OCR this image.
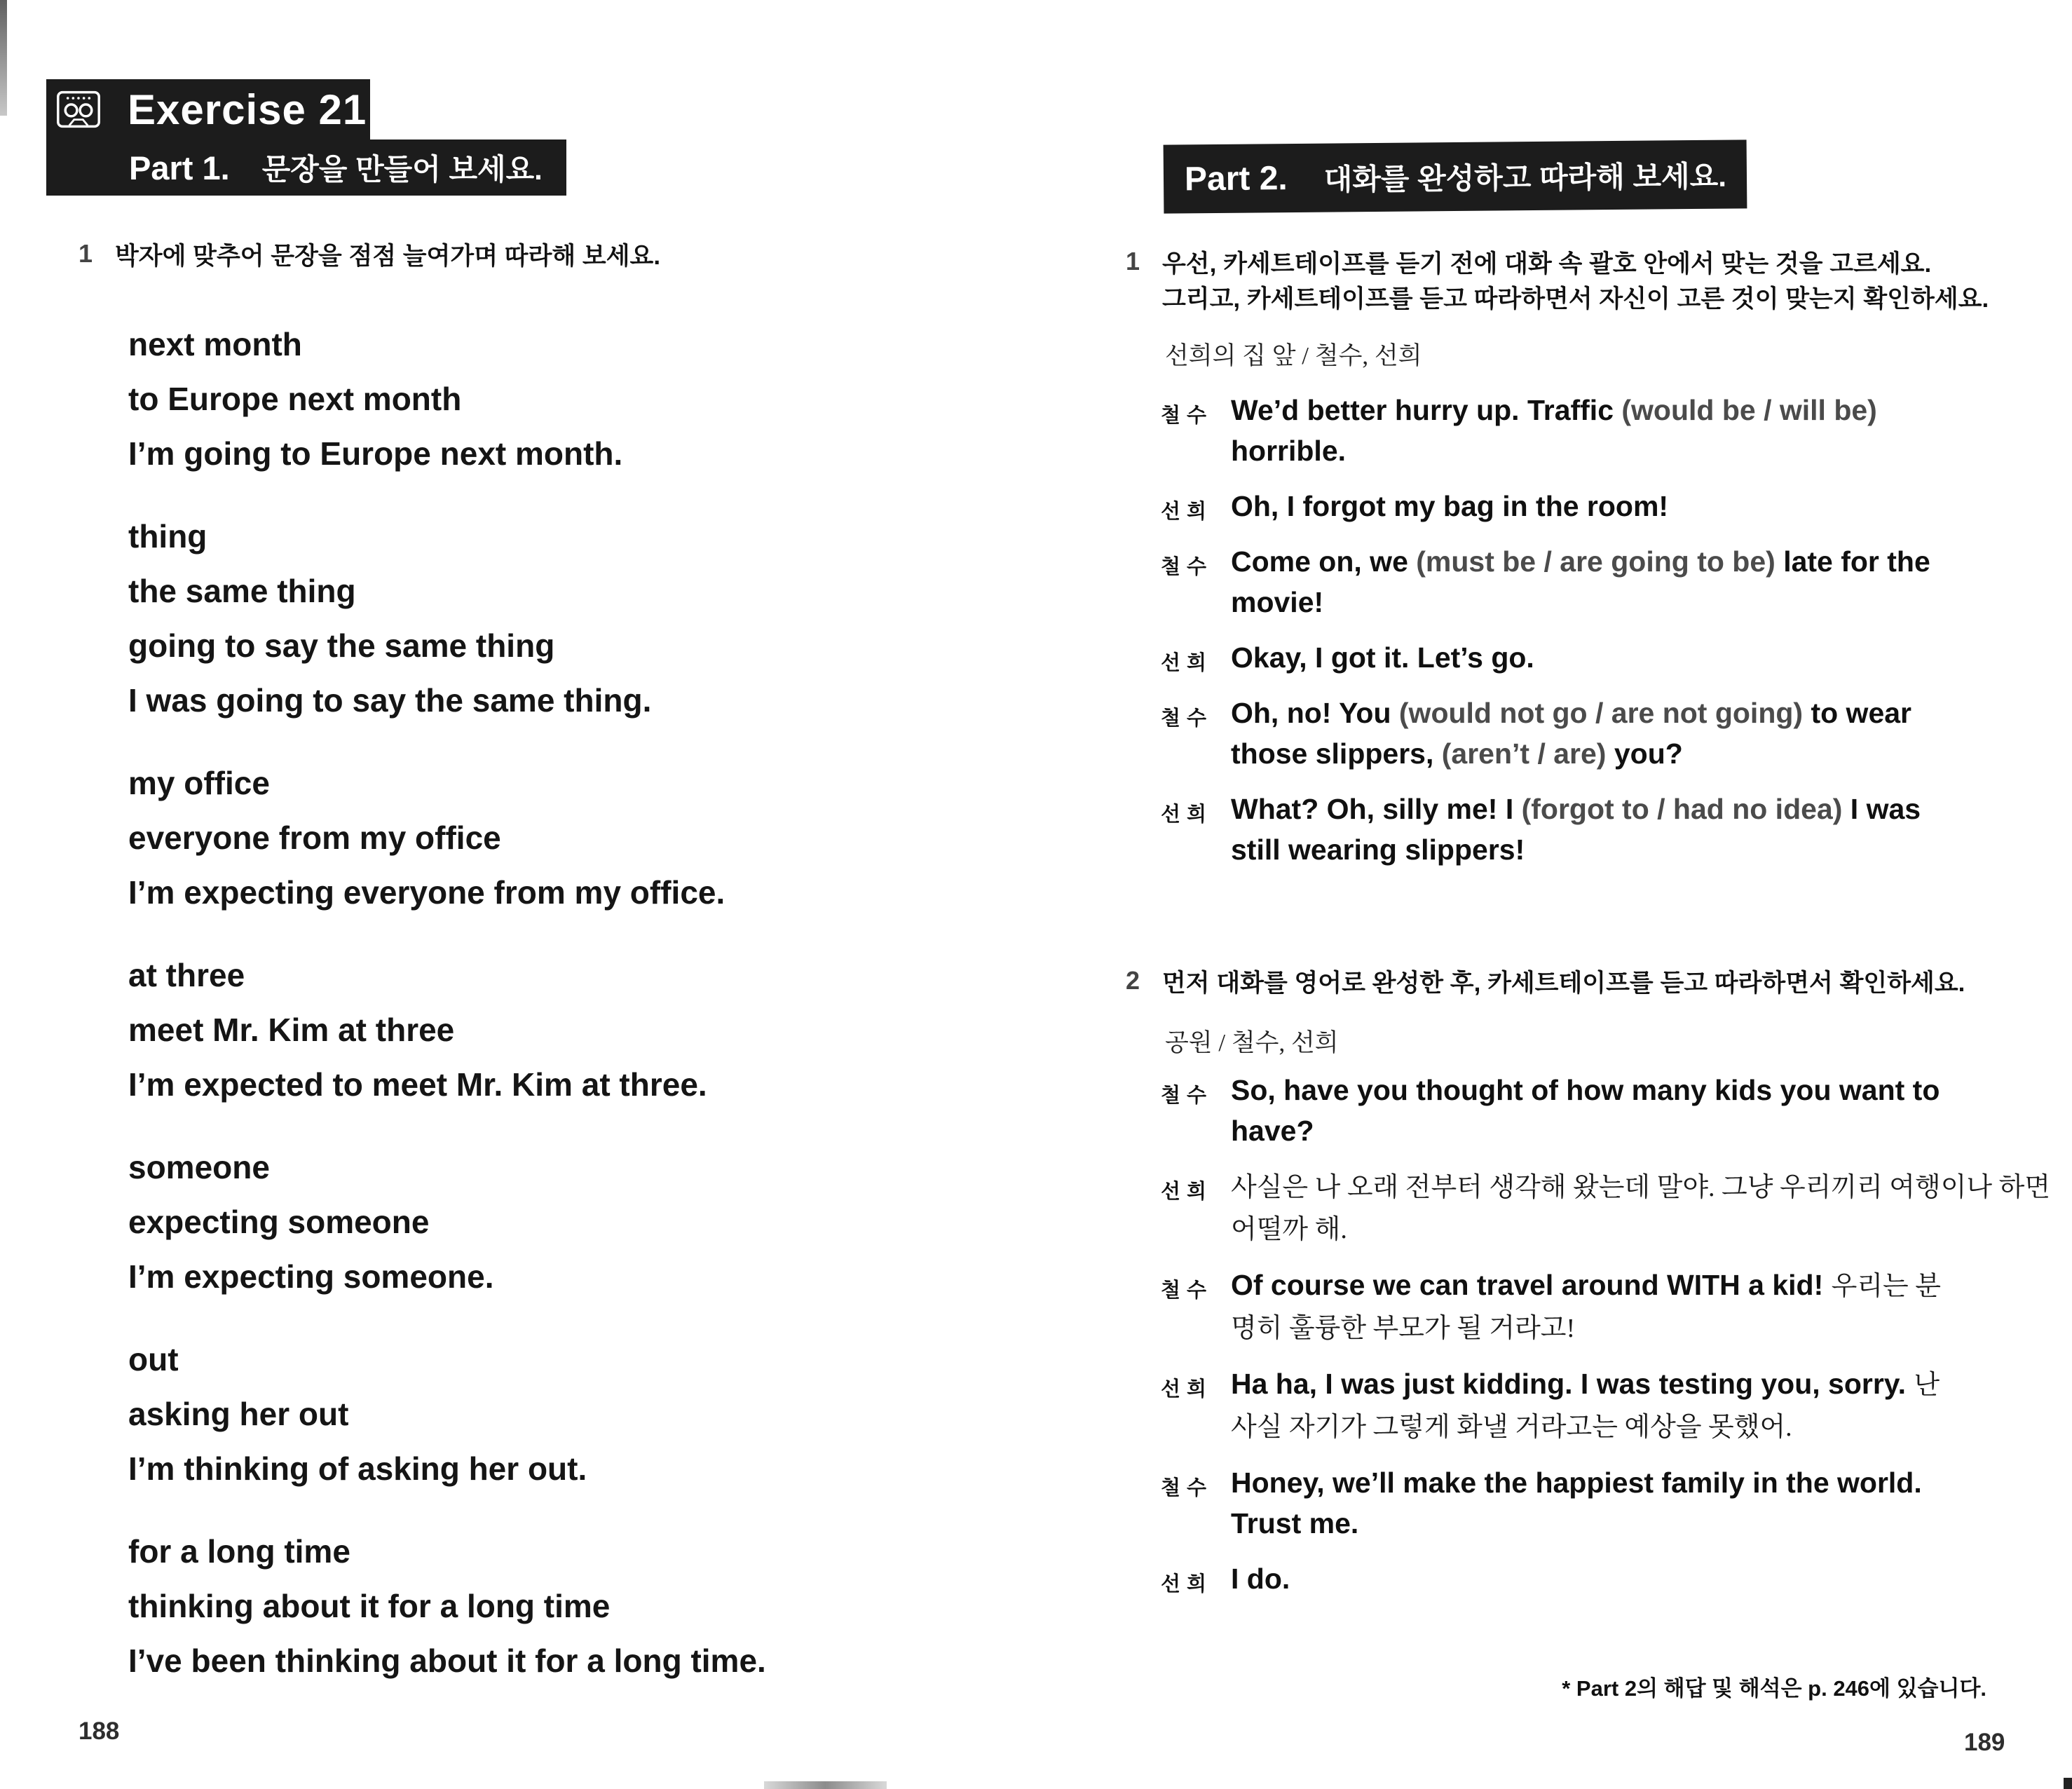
Exercise 21
Part 1. 문장을 만들어 보세요.
1 박자에 맞추어 문장을 점점 늘여가며 따라해 보세요.
next month
to Europe next month
I’m going to Europe next month.
thing
the same thing
going to say the same thing
I was going to say the same thing.
my office
everyone from my office
I’m expecting everyone from my office.
at three
meet Mr. Kim at three
I’m expected to meet Mr. Kim at three.
someone
expecting someone
I’m expecting someone.
out
asking her out
I’m thinking of asking her out.
for a long time
thinking about it for a long time
I’ve been thinking about it for a long time.
Part 2. 대화를 완성하고 따라해 보세요.
1 우선, 카세트테이프를 듣기 전에 대화 속 괄호 안에서 맞는 것을 고르세요.
그리고, 카세트테이프를 듣고 따라하면서 자신이 고른 것이 맞는지 확인하세요.
선희의 집 앞 / 철수, 선희
철수 We’d better hurry up. Traffic (would be / will be)
horrible.
선희 Oh, I forgot my bag in the room!
철수 Come on, we (must be / are going to be) late for the
movie!
선희 Okay, I got it. Let’s go.
철수 Oh, no! You (would not go / are not going) to wear
those slippers, (aren’t / are) you?
선희 What? Oh, silly me! I (forgot to / had no idea) I was
still wearing slippers!
2 먼저 대화를 영어로 완성한 후, 카세트테이프를 듣고 따라하면서 확인하세요.
공원 / 철수, 선희
철수 So, have you thought of how many kids you want to
have?
선희 사실은 나 오래 전부터 생각해 왔는데 말야. 그냥 우리끼리 여행이나 하면
어떨까 해.
철수 Of course we can travel around WITH a kid! 우리는 분
명히 훌륭한 부모가 될 거라고!
선희 Ha ha, I was just kidding. I was testing you, sorry. 난
사실 자기가 그렇게 화낼 거라고는 예상을 못했어.
철수 Honey, we’ll make the happiest family in the world.
Trust me.
선희 I do.
* Part 2의 해답 및 해석은 p. 246에 있습니다.
188	189
